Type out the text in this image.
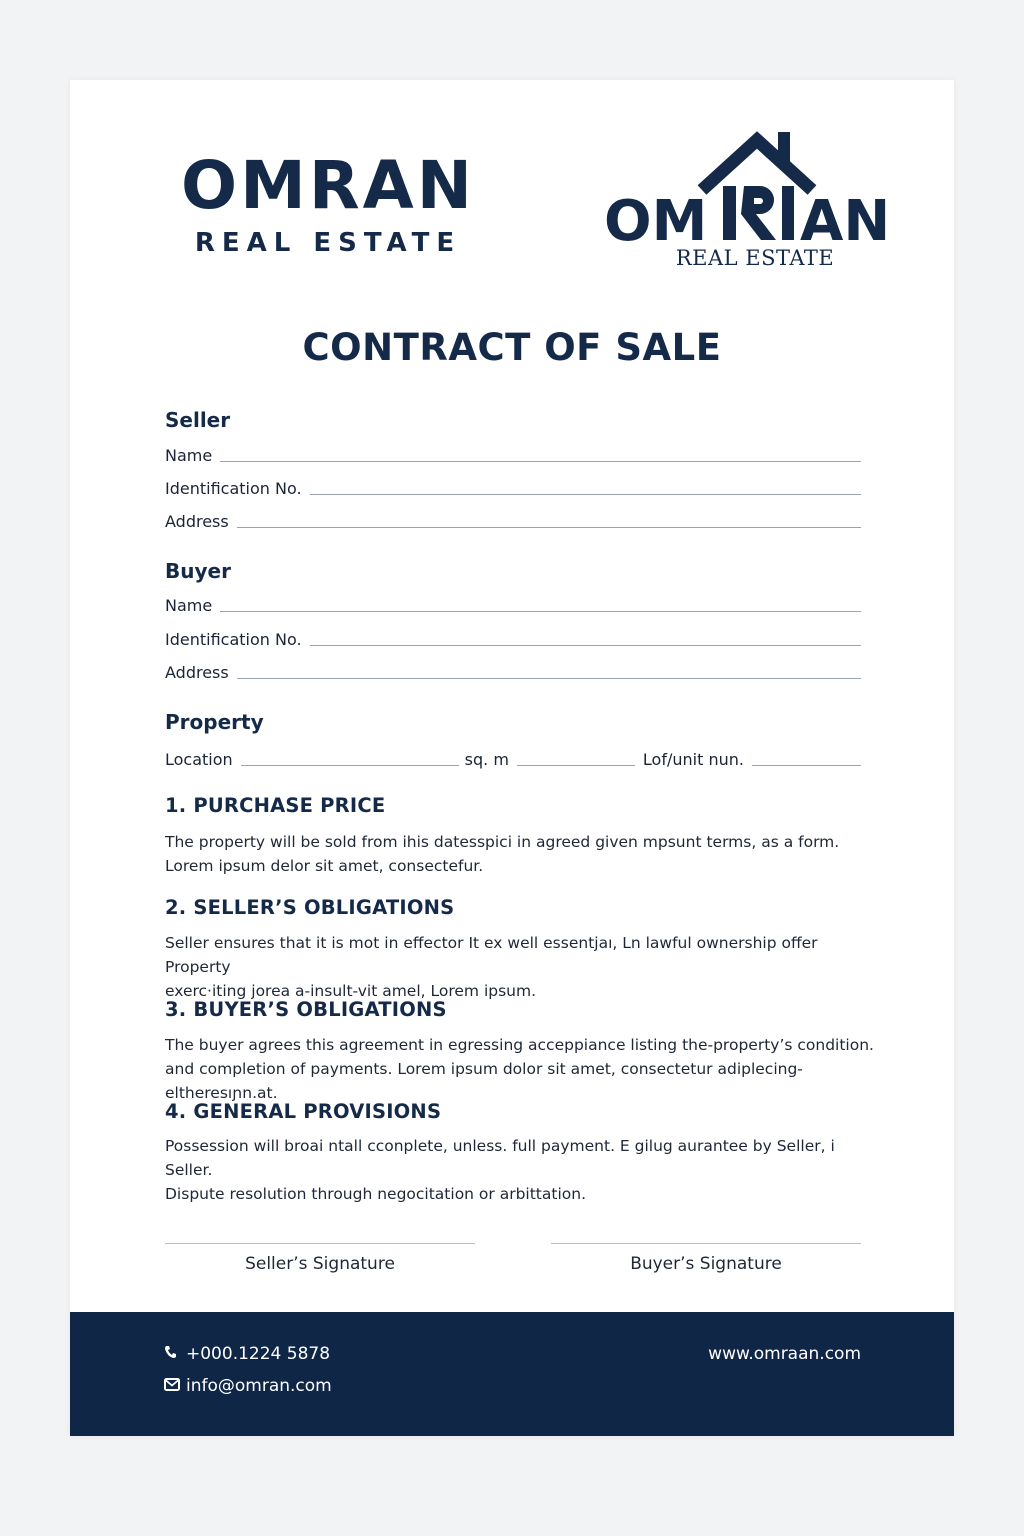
OMRAN
REAL ESTATE	OM AN
REAL ESTATE
CONTRACT OF SALE
Seller
Name
Identification No.
Address
Buyer
Name
Identification No.
Address
Property
Location	sq. m	Lof/unit nun.
1. PURCHASE PRICE
The property will be sold from ihis datesspici in agreed given mpsunt terms, as a form.
Lorem ipsum delor sit amet, consectefur.
2. SELLER’S OBLIGATIONS
Seller ensures that it is mot in effector It ex well essentjaı, Ln lawful ownership offer Property
exerc·iting jorea a-insult-vit amel, Lorem ipsum.
3. BUYER’S OBLIGATIONS
The buyer agrees this agreement in egressing acceppiance listing the-property’s condition.
and completion of payments. Lorem ipsum dolor sit amet, consectetur adiplecing-eltheresıɲn.at.
4. GENERAL PROVISIONS
Possession will broai ntall cconplete, unless. full payment. E gilug aurantee by Seller, i Seller.
Dispute resolution through negocitation or arbittation.
Seller’s Signature	Buyer’s Signature
+000.1224 5878
info@omran.com
www.omraan.com
